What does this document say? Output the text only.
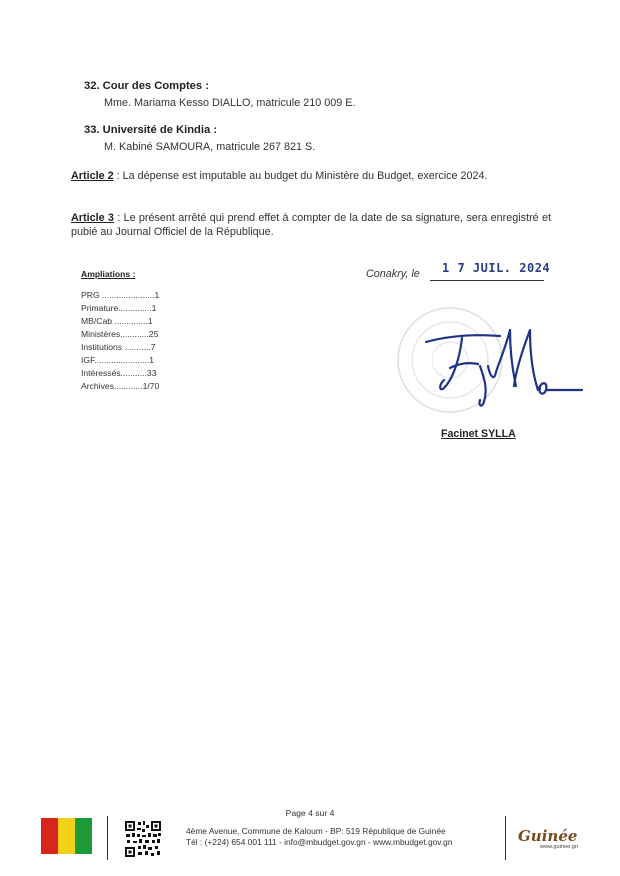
32. Cour des Comptes :
Mme. Mariama Kesso DIALLO, matricule 210 009 E.
33. Université de Kindia :
M. Kabiné SAMOURA, matricule 267 821 S.
Article 2 : La dépense est imputable au budget du Ministère du Budget, exercice 2024.
Article 3 : Le présent arrêté qui prend effet à compter de la date de sa signature, sera enregistré et pubié au Journal Officiel de la République.
Ampliations :
PRG ......................1
Primature..............1
MB/Cab ..............1
Ministères............25
Institutions ...........7
IGF.......................1
Intéressés...........33
Archives............1/70
Conakry, le 1 7 JUIL. 2024
Facinet SYLLA
Page 4 sur 4
4ème Avenue, Commune de Kaloum - BP: 519 République de Guinée
Tél : (+224) 654 001 111 - info@mbudget.gov.gn - www.mbudget.gov.gn	Guinée
www.guinee.gn
